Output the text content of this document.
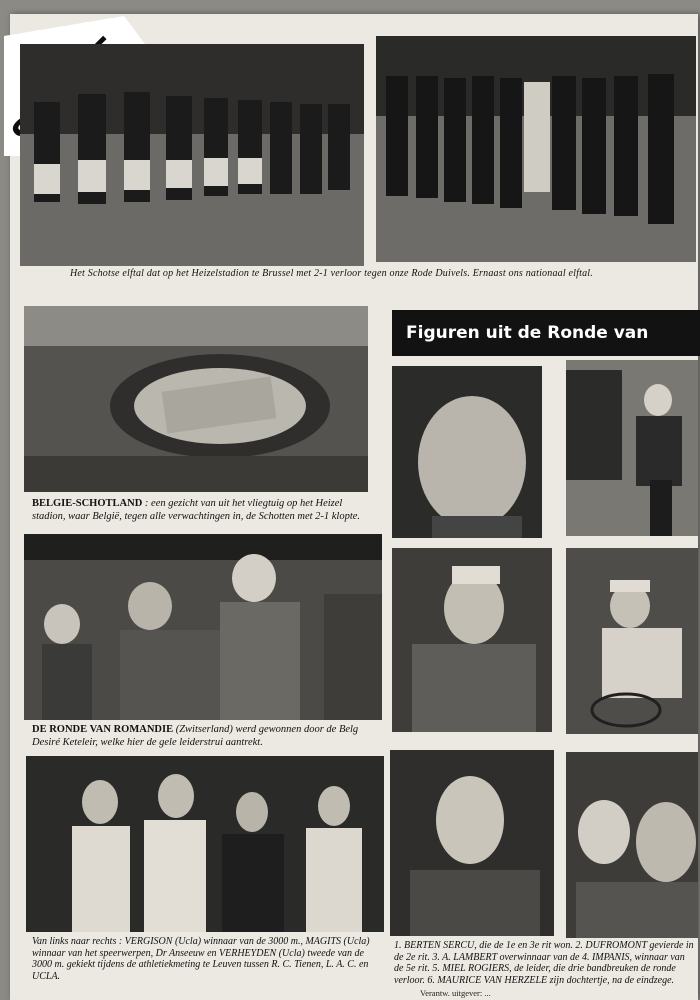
Het Schotse elftal dat op het Heizelstadion te Brussel met 2-1 verloor tegen onze Rode Duivels. Ernaast ons nationaal elftal.
BELGIE-SCHOTLAND : een gezicht van uit het vliegtuig op het Heizel stadion, waar België, tegen alle verwachtingen in, de Schotten met 2-1 klopte.
Figuren uit de Ronde van
DE RONDE VAN ROMANDIE (Zwitserland) werd gewonnen door de Belg Desiré Keteleir, welke hier de gele leiderstrui aantrekt.
Van links naar rechts : VERGISON (Ucla) winnaar van de 3000 m., MAGITS (Ucla) winnaar van het speerwerpen, Dr Anseeuw en VERHEYDEN (Ucla) tweede van de 3000 m. gekiekt tijdens de athletiekmeting te Leuven tussen R. C. Tienen, L. A. C. en UCLA.
1. BERTEN SERCU, die de 1e en 3e rit won. 2. DUFROMONT gevierde in de 2e rit. 3. A. LAMBERT overwinnaar van de 4. IMPANIS, winnaar van de 5e rit. 5. MIEL ROGIERS, de leider, die drie bandbreuken de ronde verloor. 6. MAURICE VAN HERZELE zijn dochtertje, na de eindzege.
Verantw. uitgever: ...
